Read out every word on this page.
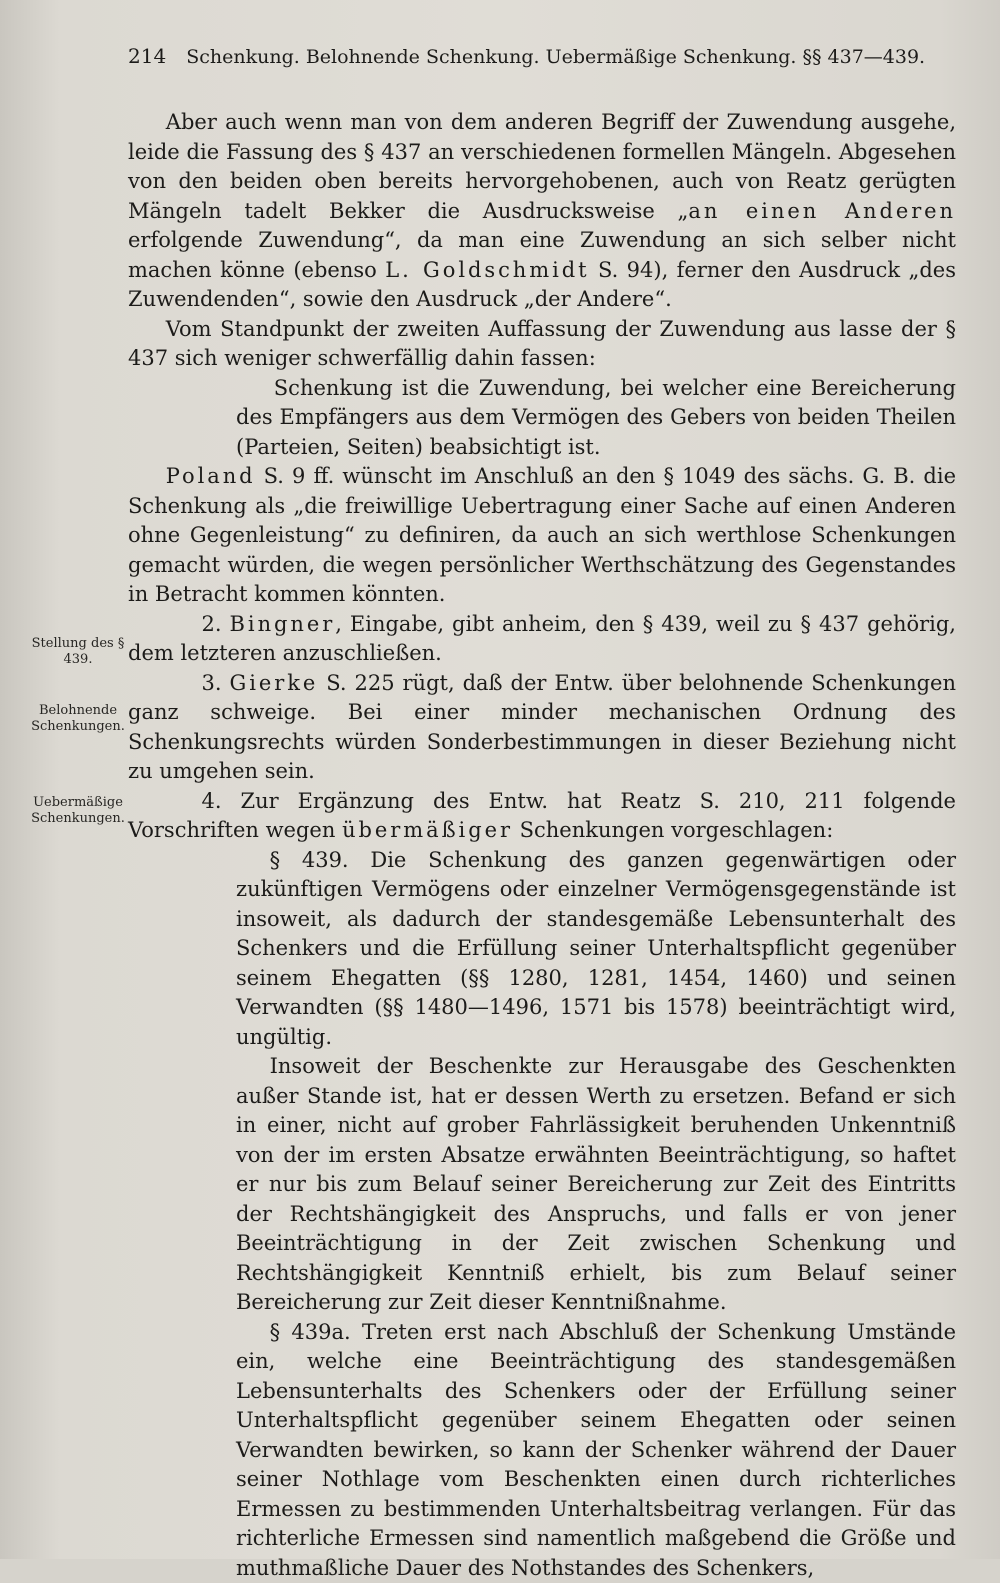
214 Schenkung. Belohnende Schenkung. Uebermäßige Schenkung. §§ 437—439.
Stellung des § 439.
Belohnende Schenkungen.
Uebermäßige Schenkungen.

Aber auch wenn man von dem anderen Begriff der Zuwendung ausgehe, leide die Fassung des § 437 an verschiedenen formellen Mängeln. Abgesehen von den beiden oben bereits hervorgehobenen, auch von Reatz gerügten Mängeln tadelt Bekker die Ausdrucksweise „an einen Anderen erfolgende Zuwendung“, da man eine Zuwendung an sich selber nicht machen könne (ebenso L. Goldschmidt S. 94), ferner den Ausdruck „des Zuwendenden“, sowie den Ausdruck „der Andere“.

Vom Standpunkt der zweiten Auffassung der Zuwendung aus lasse der § 437 sich weniger schwerfällig dahin fassen:

Schenkung ist die Zuwendung, bei welcher eine Bereicherung des Empfängers aus dem Vermögen des Gebers von beiden Theilen (Parteien, Seiten) beabsichtigt ist.

Poland S. 9 ff. wünscht im Anschluß an den § 1049 des sächs. G. B. die Schenkung als „die freiwillige Uebertragung einer Sache auf einen Anderen ohne Gegenleistung“ zu definiren, da auch an sich werthlose Schenkungen gemacht würden, die wegen persönlicher Werthschätzung des Gegenstandes in Betracht kommen könnten.

2. Bingner, Eingabe, gibt anheim, den § 439, weil zu § 437 gehörig, dem letzteren anzuschließen.

3. Gierke S. 225 rügt, daß der Entw. über belohnende Schenkungen ganz schweige. Bei einer minder mechanischen Ordnung des Schenkungsrechts würden Sonderbestimmungen in dieser Beziehung nicht zu umgehen sein.

4. Zur Ergänzung des Entw. hat Reatz S. 210, 211 folgende Vorschriften wegen übermäßiger Schenkungen vorgeschlagen:

§ 439. Die Schenkung des ganzen gegenwärtigen oder zukünftigen Vermögens oder einzelner Vermögensgegenstände ist insoweit, als dadurch der standesgemäße Lebensunterhalt des Schenkers und die Erfüllung seiner Unterhaltspflicht gegenüber seinem Ehegatten (§§ 1280, 1281, 1454, 1460) und seinen Verwandten (§§ 1480—1496, 1571 bis 1578) beeinträchtigt wird, ungültig.

Insoweit der Beschenkte zur Herausgabe des Geschenkten außer Stande ist, hat er dessen Werth zu ersetzen. Befand er sich in einer, nicht auf grober Fahrlässigkeit beruhenden Unkenntniß von der im ersten Absatze erwähnten Beeinträchtigung, so haftet er nur bis zum Belauf seiner Bereicherung zur Zeit des Eintritts der Rechtshängigkeit des Anspruchs, und falls er von jener Beeinträchtigung in der Zeit zwischen Schenkung und Rechtshängigkeit Kenntniß erhielt, bis zum Belauf seiner Bereicherung zur Zeit dieser Kenntnißnahme.

§ 439a. Treten erst nach Abschluß der Schenkung Umstände ein, welche eine Beeinträchtigung des standesgemäßen Lebensunterhalts des Schenkers oder der Erfüllung seiner Unterhaltspflicht gegenüber seinem Ehegatten oder seinen Verwandten bewirken, so kann der Schenker während der Dauer seiner Nothlage vom Beschenkten einen durch richterliches Ermessen zu bestimmenden Unterhaltsbeitrag verlangen. Für das richterliche Ermessen sind namentlich maßgebend die Größe und muthmaßliche Dauer des Nothstandes des Schenkers,
